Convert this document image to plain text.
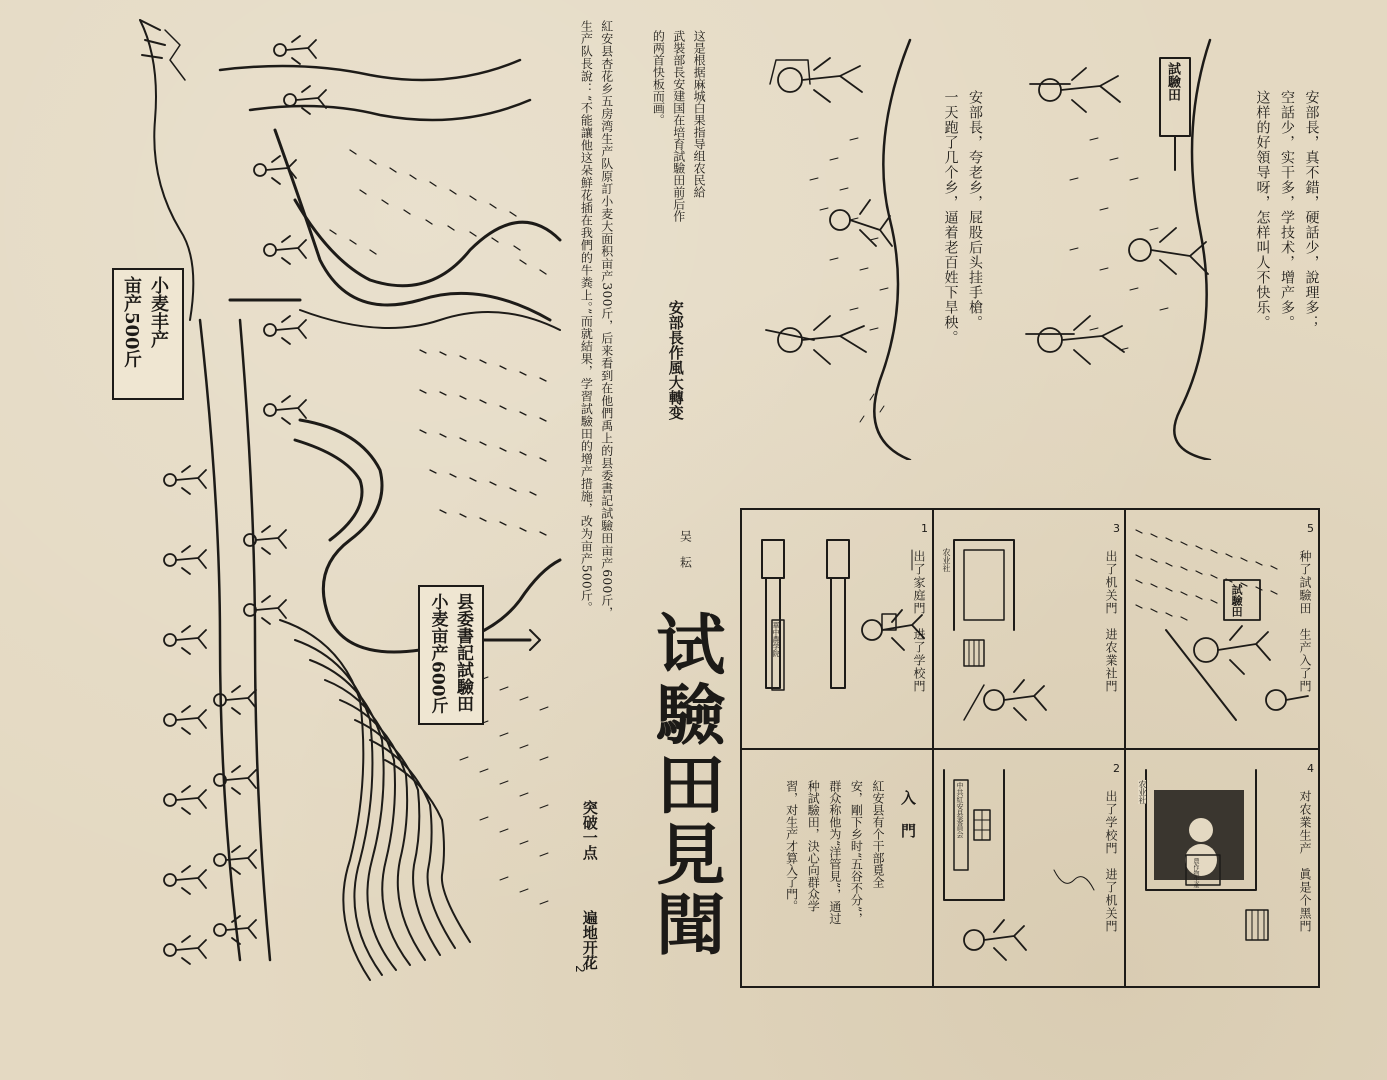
县委書記試驗田
小麦亩产600斤
小麦丰产
亩产500斤
突破一点  遍地开花
紅安县杏花乡五房湾生产队原訂小麦大面积亩产300斤，后来看到在他們禹上的县委書記試驗田亩产600斤，
生产队長說：“不能讓他这朵鮮花插在我們的牛粪上。”而就結果，学習試驗田的增产措施，改为亩产500斤。
试驗田見聞
吴 耘
安部長作風大轉变
这是根据麻城白果指导组农民給
武裝部長安建国在培育試驗田前后作
的两首快板而画。
入 門
紅安县有个干部覓全
安，剛下乡时“五谷不分”，
群众称他为“洋管見”，通过
种試驗田，決心向群众学
習，对生产才算入了門。
華中農学院	出了家庭門　进了学校門
1
中共紅安县委員会	出了学校門　进了机关門
2
农业社	出了机关門　进农業社門
3
农业社
農作物生產	对农業生产　眞是个黑門
4
試驗田	种了試驗田　生产入了門
5
試驗田
安部長，夸老乡，屁股后头挂手槍。
一天跑了几个乡，逼着老百姓下旱秧。	安部長，真不錯，硬話少，說理多；
空話少，实干多，学技术，增产多。
这样的好領导呀，怎样叫人不快乐。
2
